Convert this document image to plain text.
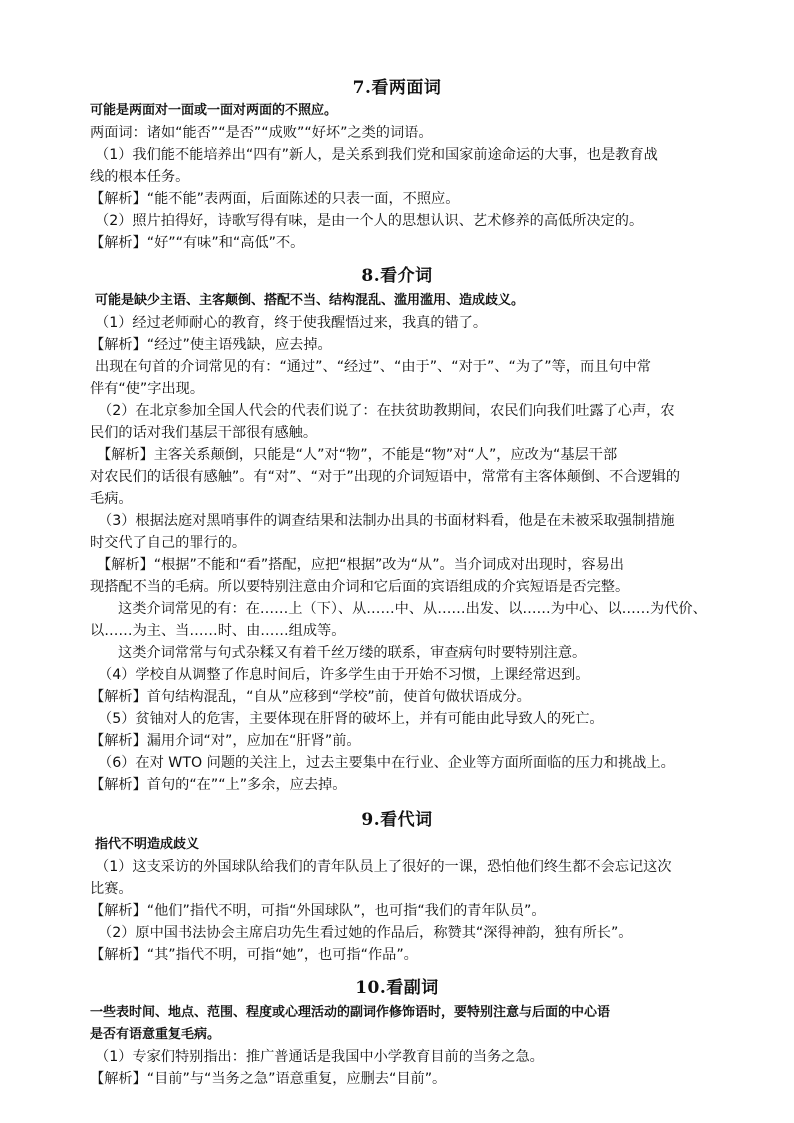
7.看两面词
可能是两面对一面或一面对两面的不照应。
两面词：诸如“能否”“是否”“成败”“好坏”之类的词语。
（1）我们能不能培养出“四有”新人，是关系到我们党和国家前途命运的大事，也是教育战
线的根本任务。
【解析】“能不能”表两面，后面陈述的只表一面，不照应。
（2）照片拍得好，诗歌写得有味，是由一个人的思想认识、艺术修养的高低所决定的。
【解析】“好”“有味”和“高低”不。
8.看介词
可能是缺少主语、主客颠倒、搭配不当、结构混乱、滥用滥用、造成歧义。
（1）经过老师耐心的教育，终于使我醒悟过来，我真的错了。
【解析】“经过”使主语残缺，应去掉。
出现在句首的介词常见的有：“通过”、“经过”、“由于”、“对于”、“为了”等，而且句中常
伴有“使”字出现。
（2）在北京参加全国人代会的代表们说了：在扶贫助教期间，农民们向我们吐露了心声，农
民们的话对我们基层干部很有感触。
【解析】主客关系颠倒，只能是“人”对“物”，不能是“物”对“人”，应改为“基层干部
对农民们的话很有感触”。有“对”、“对于”出现的介词短语中，常常有主客体颠倒、不合逻辑的
毛病。
（3）根据法庭对黑哨事件的调查结果和法制办出具的书面材料看，他是在未被采取强制措施
时交代了自己的罪行的。
【解析】“根据”不能和“看”搭配，应把“根据”改为“从”。当介词成对出现时，容易出
现搭配不当的毛病。所以要特别注意由介词和它后面的宾语组成的介宾短语是否完整。
这类介词常见的有：在……上（下）、从……中、从……出发、以……为中心、以……为代价、
以……为主、当……时、由……组成等。
这类介词常常与句式杂糅又有着千丝万缕的联系，审查病句时要特别注意。
（4）学校自从调整了作息时间后，许多学生由于开始不习惯，上课经常迟到。
【解析】首句结构混乱，“自从”应移到“学校”前，使首句做状语成分。
（5）贫铀对人的危害，主要体现在肝肾的破坏上，并有可能由此导致人的死亡。
【解析】漏用介词“对”，应加在“肝肾”前。
（6）在对 WTO 问题的关注上，过去主要集中在行业、企业等方面所面临的压力和挑战上。
【解析】首句的“在”“上”多余，应去掉。
9.看代词
指代不明造成歧义
（1）这支采访的外国球队给我们的青年队员上了很好的一课，恐怕他们终生都不会忘记这次
比赛。
【解析】“他们”指代不明，可指“外国球队”，也可指“我们的青年队员”。
（2）原中国书法协会主席启功先生看过她的作品后，称赞其“深得神韵，独有所长”。
【解析】“其”指代不明，可指“她”，也可指“作品”。
10.看副词
一些表时间、地点、范围、程度或心理活动的副词作修饰语时，要特别注意与后面的中心语
是否有语意重复毛病。
（1）专家们特别指出：推广普通话是我国中小学教育目前的当务之急。
【解析】“目前”与“当务之急”语意重复，应删去“目前”。
